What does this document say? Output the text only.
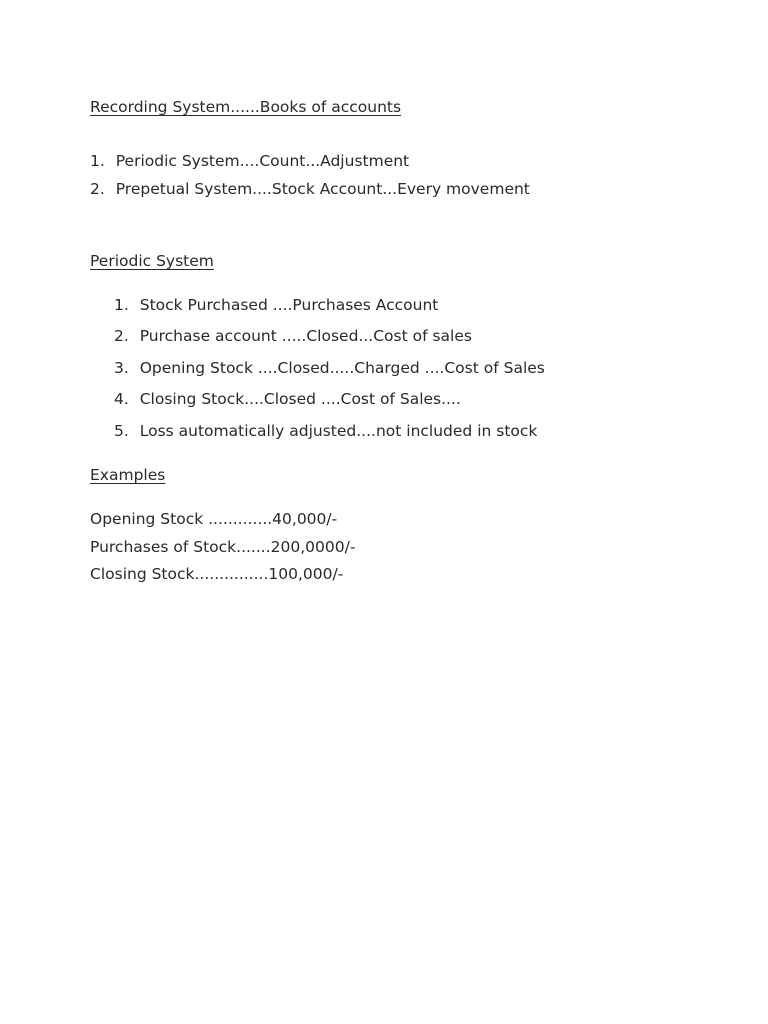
Recording System......Books of accounts
1. Periodic System....Count...Adjustment
2. Prepetual System....Stock Account...Every movement
Periodic System
1. Stock Purchased ....Purchases Account
2. Purchase account .....Closed...Cost of sales
3. Opening Stock ....Closed.....Charged ....Cost of Sales
4. Closing Stock....Closed ....Cost of Sales....
5. Loss automatically adjusted....not included in stock
Examples
Opening Stock .............40,000/-
Purchases of Stock.......200,0000/-
Closing Stock...............100,000/-
